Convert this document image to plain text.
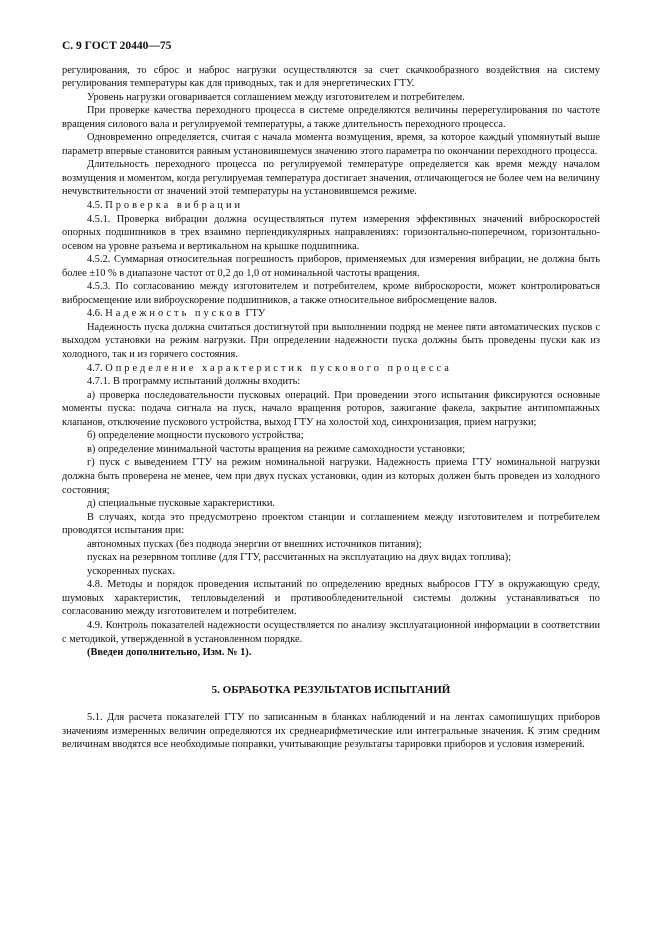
С. 9 ГОСТ 20440—75

регулирования, то сброс и наброс нагрузки осуществляются за счет скачкообразного воздействия на систему регулирования температуры как для приводных, так и для энергетических ГТУ.

Уровень нагрузки оговаривается соглашением между изготовителем и потребителем.

При проверке качества переходного процесса в системе определяются величины перерегулирования по частоте вращения силового вала и регулируемой температуры, а также длительность переходного процесса.

Одновременно определяется, считая с начала момента возмущения, время, за которое каждый упомянутый выше параметр впервые становится равным установившемуся значению этого параметра по окончании переходного процесса.

Длительность переходного процесса по регулируемой температуре определяется как время между началом возмущения и моментом, когда регулируемая температура достигает значения, отличающегося не более чем на величину нечувствительности от значений этой температуры на установившемся режиме.

4.5. Проверка вибрации

4.5.1. Проверка вибрации должна осуществляться путем измерения эффективных значений виброскоростей опорных подшипников в трех взаимно перпендикулярных направлениях: горизонтально-поперечном, горизонтально-осевом на уровне разъема и вертикальном на крышке подшипника.

4.5.2. Суммарная относительная погрешность приборов, применяемых для измерения вибрации, не должна быть более ±10 % в диапазоне частот от 0,2 до 1,0 от номинальной частоты вращения.

4.5.3. По согласованию между изготовителем и потребителем, кроме виброскорости, может контролироваться виброcмещение или виброускорение подшипников, а также относительное виброcмещение валов.

4.6. Надежность пусков ГТУ

Надежность пуска должна считаться достигнутой при выполнении подряд не менее пяти автоматических пусков с выходом установки на режим нагрузки. При определении надежности пуска должны быть проведены пуски как из холодного, так и из горячего состояния.

4.7. Определение характеристик пускового процесса

4.7.1. В программу испытаний должны входить:

а) проверка последовательности пусковых операций. При проведении этого испытания фиксируются основные моменты пуска: подача сигнала на пуск, начало вращения роторов, зажигание факела, закрытие антипомпажных клапанов, отключение пускового устройства, выход ГТУ на холостой ход, синхронизация, прием нагрузки;

б) определение мощности пускового устройства;

в) определение минимальной частоты вращения на режиме самоходности установки;

г) пуск с выведением ГТУ на режим номинальной нагрузки. Надежность приема ГТУ номинальной нагрузки должна быть проверена не менее, чем при двух пусках установки, один из которых должен быть проведен из холодного состояния;

д) специальные пусковые характеристики.

В случаях, когда это предусмотрено проектом станции и соглашением между изготовителем и потребителем проводятся испытания при:

автономных пусках (без подвода энергии от внешних источников питания);

пусках на резервном топливе (для ГТУ, рассчитанных на эксплуатацию на двух видах топлива);

ускоренных пусках.

4.8. Методы и порядок проведения испытаний по определению вредных выбросов ГТУ в окружающую среду, шумовых характеристик, тепловыделений и противообледенительной системы должны устанавливаться по согласованию между изготовителем и потребителем.

4.9. Контроль показателей надежности осуществляется по анализу эксплуатационной информации в соответствии с методикой, утвержденной в установленном порядке.

(Введен дополнительно, Изм. № 1).

5. ОБРАБОТКА РЕЗУЛЬТАТОВ ИСПЫТАНИЙ

5.1. Для расчета показателей ГТУ по записанным в бланках наблюдений и на лентах самопишущих приборов значениям измеренных величин определяются их среднеарифметические или интегральные значения. К этим средним величинам вводятся все необходимые поправки, учитывающие результаты тарировки приборов и условия измерений.
